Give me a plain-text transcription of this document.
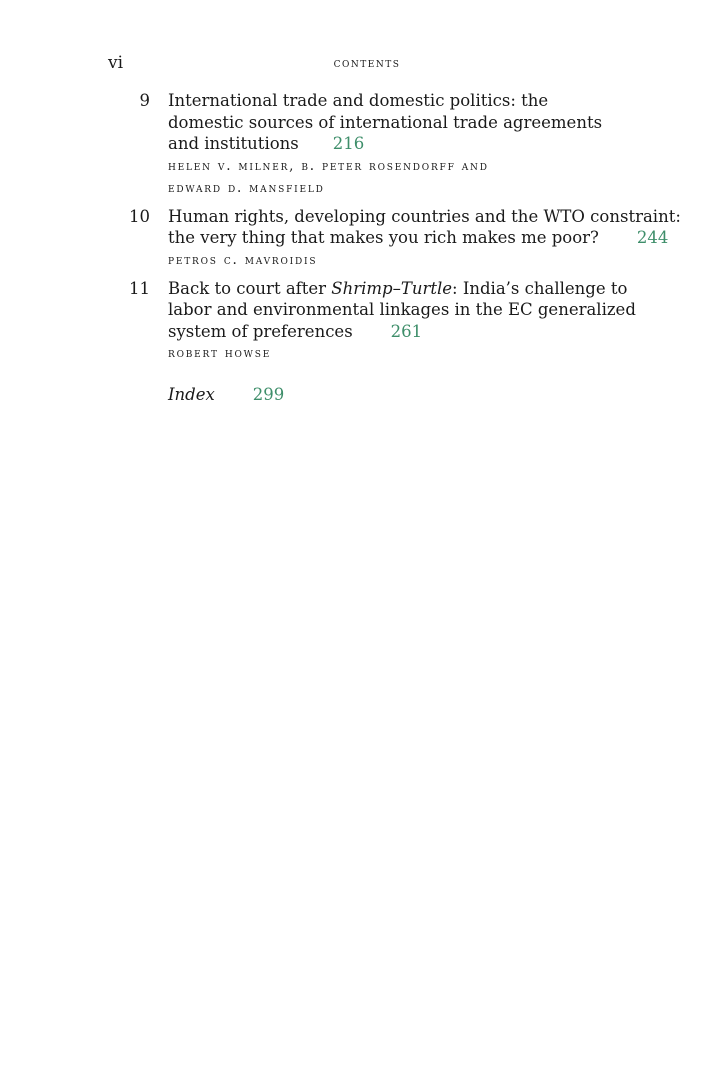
vi	contents
9 International trade and domestic politics: the
domestic sources of international trade agreements
and institutions 216

helen v. milner, b. peter rosendorff and
edward d. mansfield

10 Human rights, developing countries and the WTO constraint:
the very thing that makes you rich makes me poor? 244

petros c. mavroidis

11 Back to court after Shrimp–Turtle: India’s challenge to
labor and environmental linkages in the EC generalized
system of preferences 261

robert howse

Index 299
